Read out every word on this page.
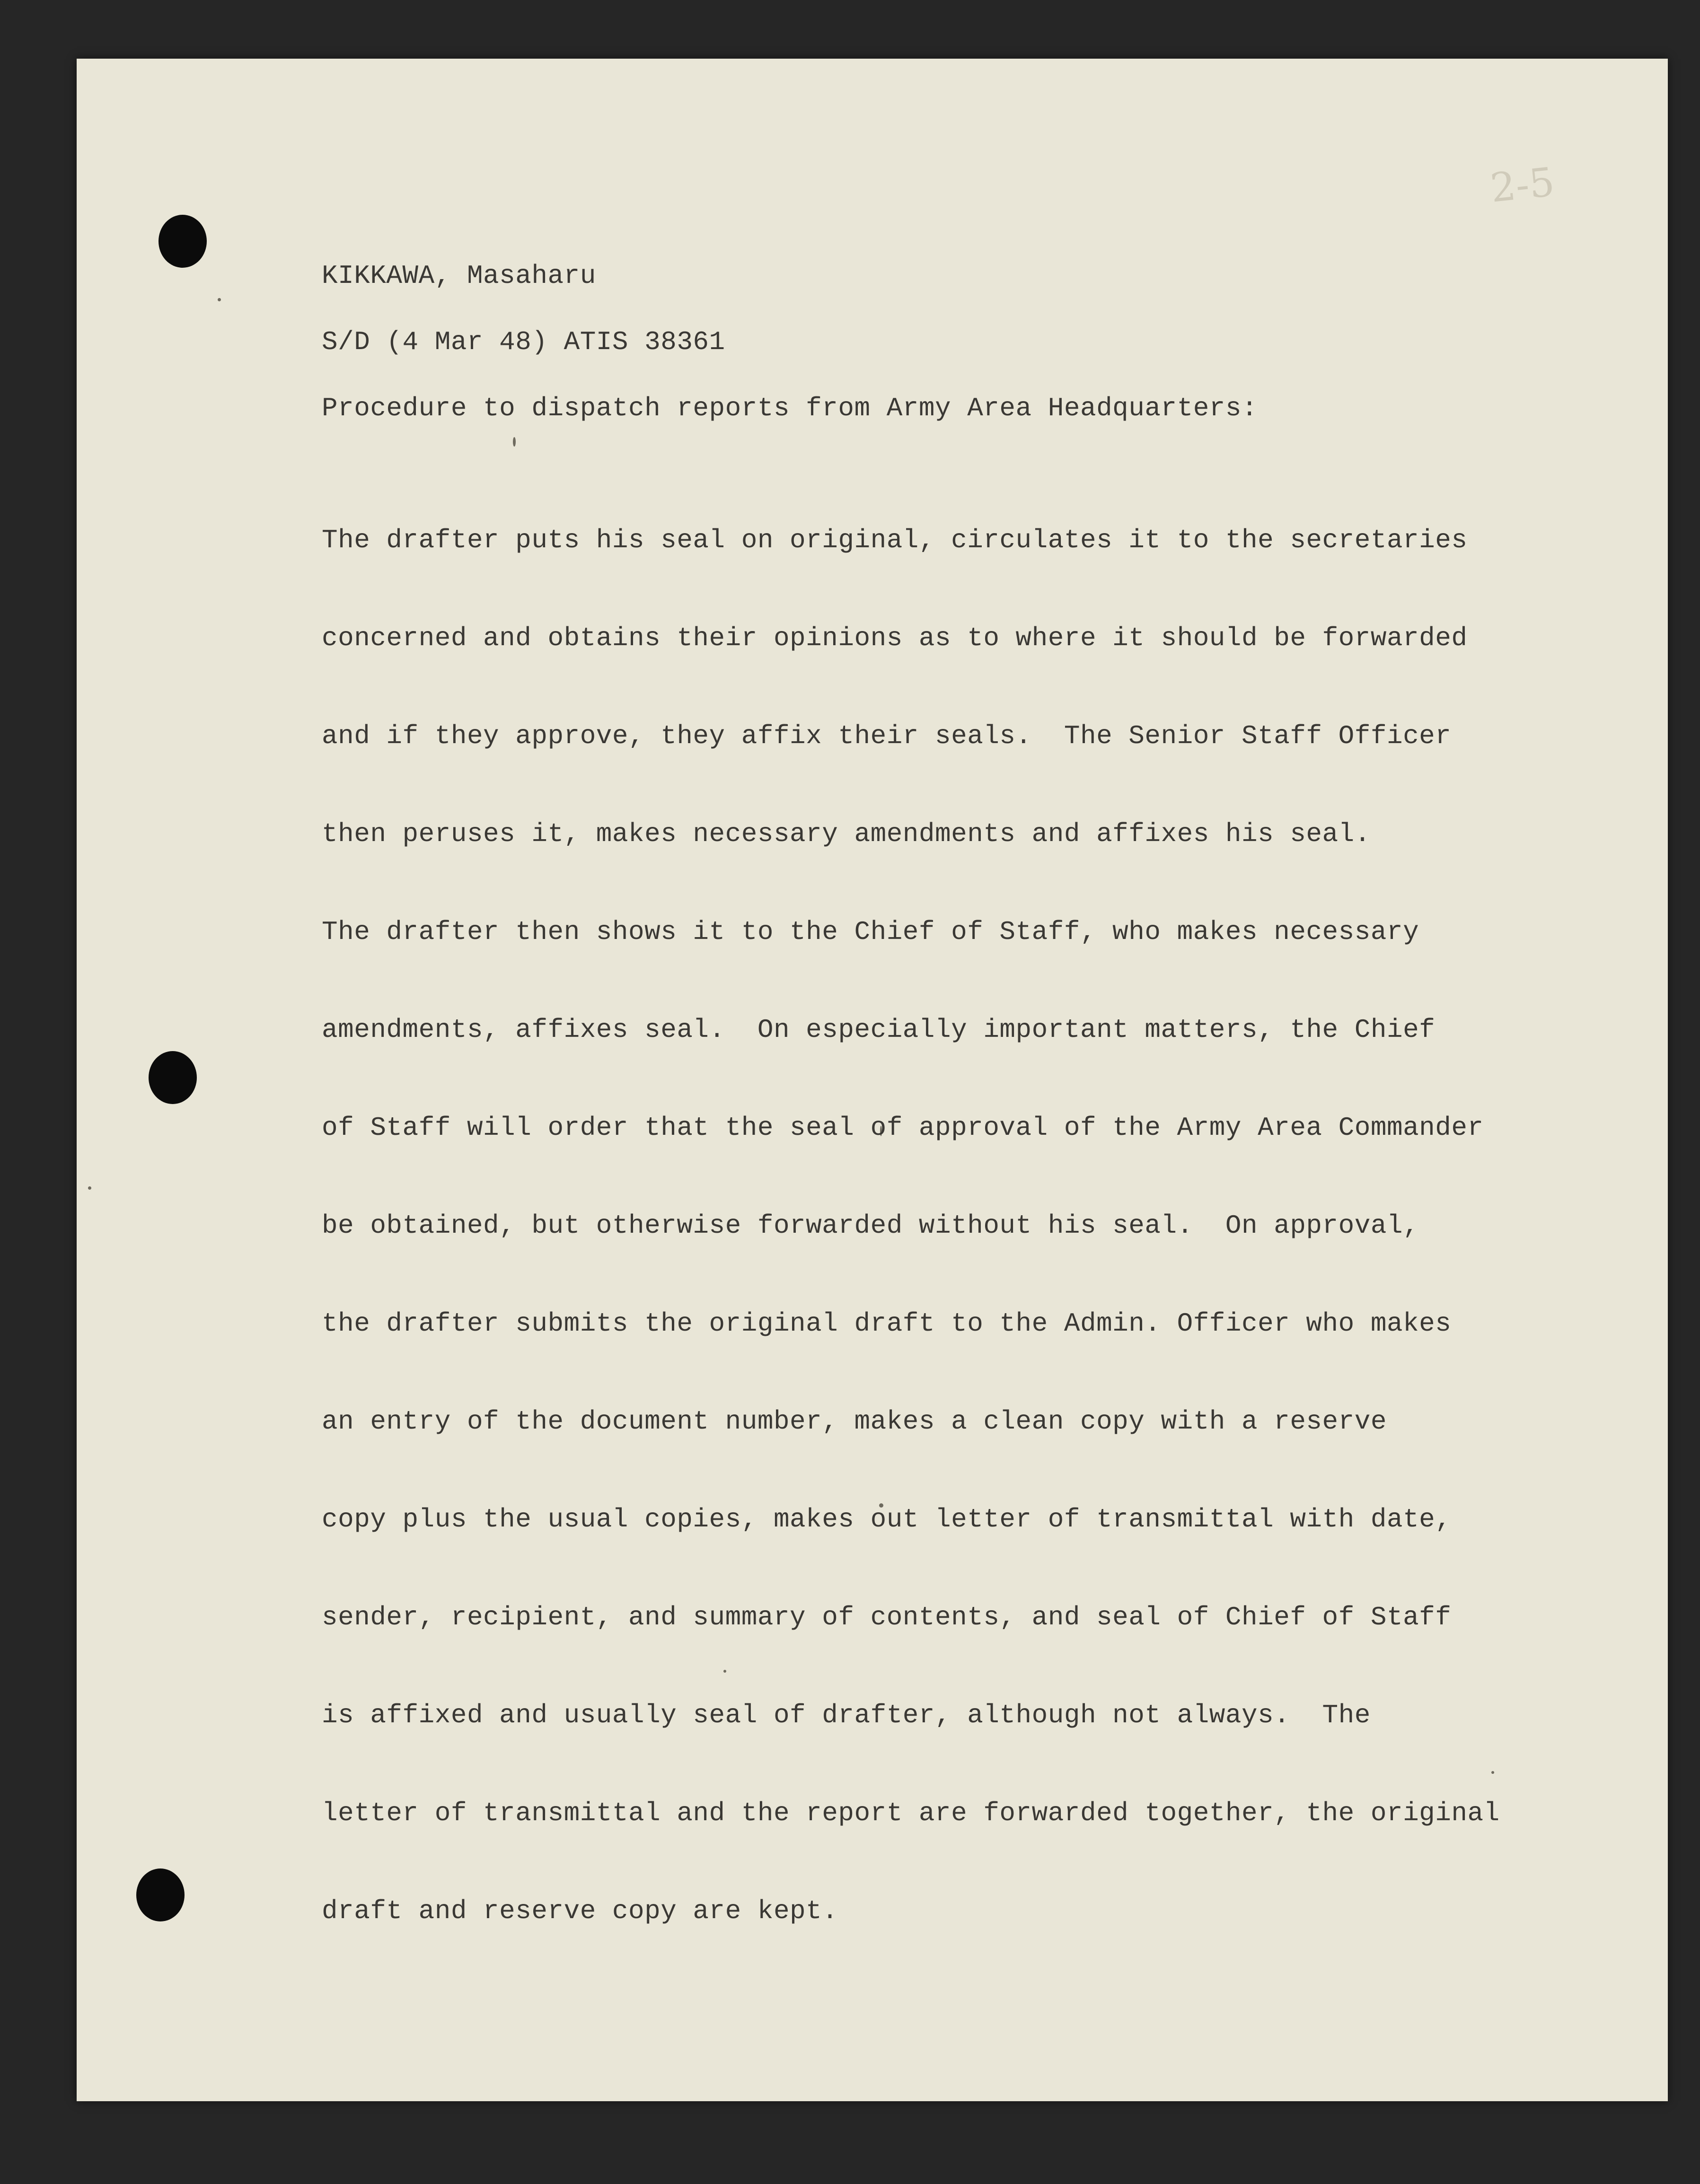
2-5
KIKKAWA, Masaharu
S/D (4 Mar 48) ATIS 38361
Procedure to dispatch reports from Army Area Headquarters:

The drafter puts his seal on original, circulates it to the secretaries

concerned and obtains their opinions as to where it should be forwarded

and if they approve, they affix their seals.  The Senior Staff Officer

then peruses it, makes necessary amendments and affixes his seal.

The drafter then shows it to the Chief of Staff, who makes necessary

amendments, affixes seal.  On especially important matters, the Chief

of Staff will order that the seal of approval of the Army Area Commander

be obtained, but otherwise forwarded without his seal.  On approval,

the drafter submits the original draft to the Admin. Officer who makes

an entry of the document number, makes a clean copy with a reserve

copy plus the usual copies, makes out letter of transmittal with date,

sender, recipient, and summary of contents, and seal of Chief of Staff

is affixed and usually seal of drafter, although not always.  The

letter of transmittal and the report are forwarded together, the original

draft and reserve copy are kept.
